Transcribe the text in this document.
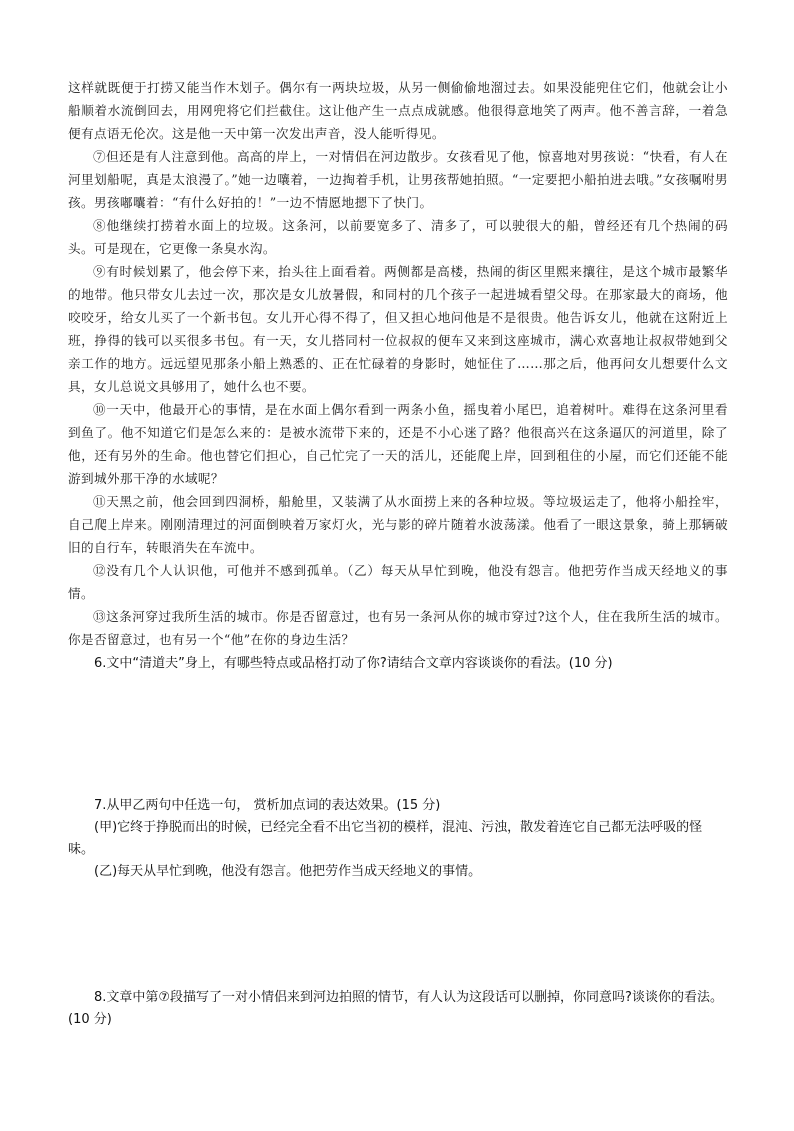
这样就既便于打捞又能当作木划子。偶尔有一两块垃圾，从另一侧偷偷地溜过去。如果没能兜住它们，他就会让小船顺着水流倒回去，用网兜将它们拦截住。这让他产生一点点成就感。他很得意地笑了两声。他不善言辞，一着急便有点语无伦次。这是他一天中第一次发出声音，没人能听得见。

⑦但还是有人注意到他。高高的岸上，一对情侣在河边散步。女孩看见了他，惊喜地对男孩说：“快看，有人在河里划船呢，真是太浪漫了。”她一边嚷着，一边掏着手机，让男孩帮她拍照。“一定要把小船拍进去哦。”女孩嘱咐男孩。男孩嘟囔着：“有什么好拍的！”一边不情愿地摁下了快门。

⑧他继续打捞着水面上的垃圾。这条河，以前要宽多了、清多了，可以驶很大的船，曾经还有几个热闹的码头。可是现在，它更像一条臭水沟。

⑨有时候划累了，他会停下来，抬头往上面看着。两侧都是高楼，热闹的街区里熙来攘往，是这个城市最繁华的地带。他只带女儿去过一次，那次是女儿放暑假，和同村的几个孩子一起进城看望父母。在那家最大的商场，他咬咬牙，给女儿买了一个新书包。女儿开心得不得了，但又担心地问他是不是很贵。他告诉女儿，他就在这附近上班，挣得的钱可以买很多书包。有一天，女儿搭同村一位叔叔的便车又来到这座城市，满心欢喜地让叔叔带她到父亲工作的地方。远远望见那条小船上熟悉的、正在忙碌着的身影时，她怔住了……那之后，他再问女儿想要什么文具，女儿总说文具够用了，她什么也不要。

⑩一天中，他最开心的事情，是在水面上偶尔看到一两条小鱼，摇曳着小尾巴，追着树叶。难得在这条河里看到鱼了。他不知道它们是怎么来的：是被水流带下来的，还是不小心迷了路？他很高兴在这条逼仄的河道里，除了他，还有另外的生命。他也替它们担心，自己忙完了一天的活儿，还能爬上岸，回到租住的小屋，而它们还能不能游到城外那干净的水域呢？

⑪天黑之前，他会回到四洞桥，船舱里，又装满了从水面捞上来的各种垃圾。等垃圾运走了，他将小船拴牢，自己爬上岸来。刚刚清理过的河面倒映着万家灯火，光与影的碎片随着水波荡漾。他看了一眼这景象，骑上那辆破旧的自行车，转眼消失在车流中。

⑫没有几个人认识他，可他并不感到孤单。（乙）每天从早忙到晚，他没有怨言。他把劳作当成天经地义的事情。

⑬这条河穿过我所生活的城市。你是否留意过，也有另一条河从你的城市穿过?这个人，住在我所生活的城市。你是否留意过，也有另一个“他”在你的身边生活？

6.文中“清道夫”身上，有哪些特点或品格打动了你?请结合文章内容谈谈你的看法。(10 分)

7.从甲乙两句中任选一句， 赏析加点词的表达效果。(15 分)

(甲)它终于挣脱而出的时候，已经完全看不出它当初的模样，混沌、污浊，散发着连它自己都无法呼吸的怪味。

(乙)每天从早忙到晚，他没有怨言。他把劳作当成天经地义的事情。

8.文章中第⑦段描写了一对小情侣来到河边拍照的情节，有人认为这段话可以删掉，你同意吗?谈谈你的看法。(10 分)
